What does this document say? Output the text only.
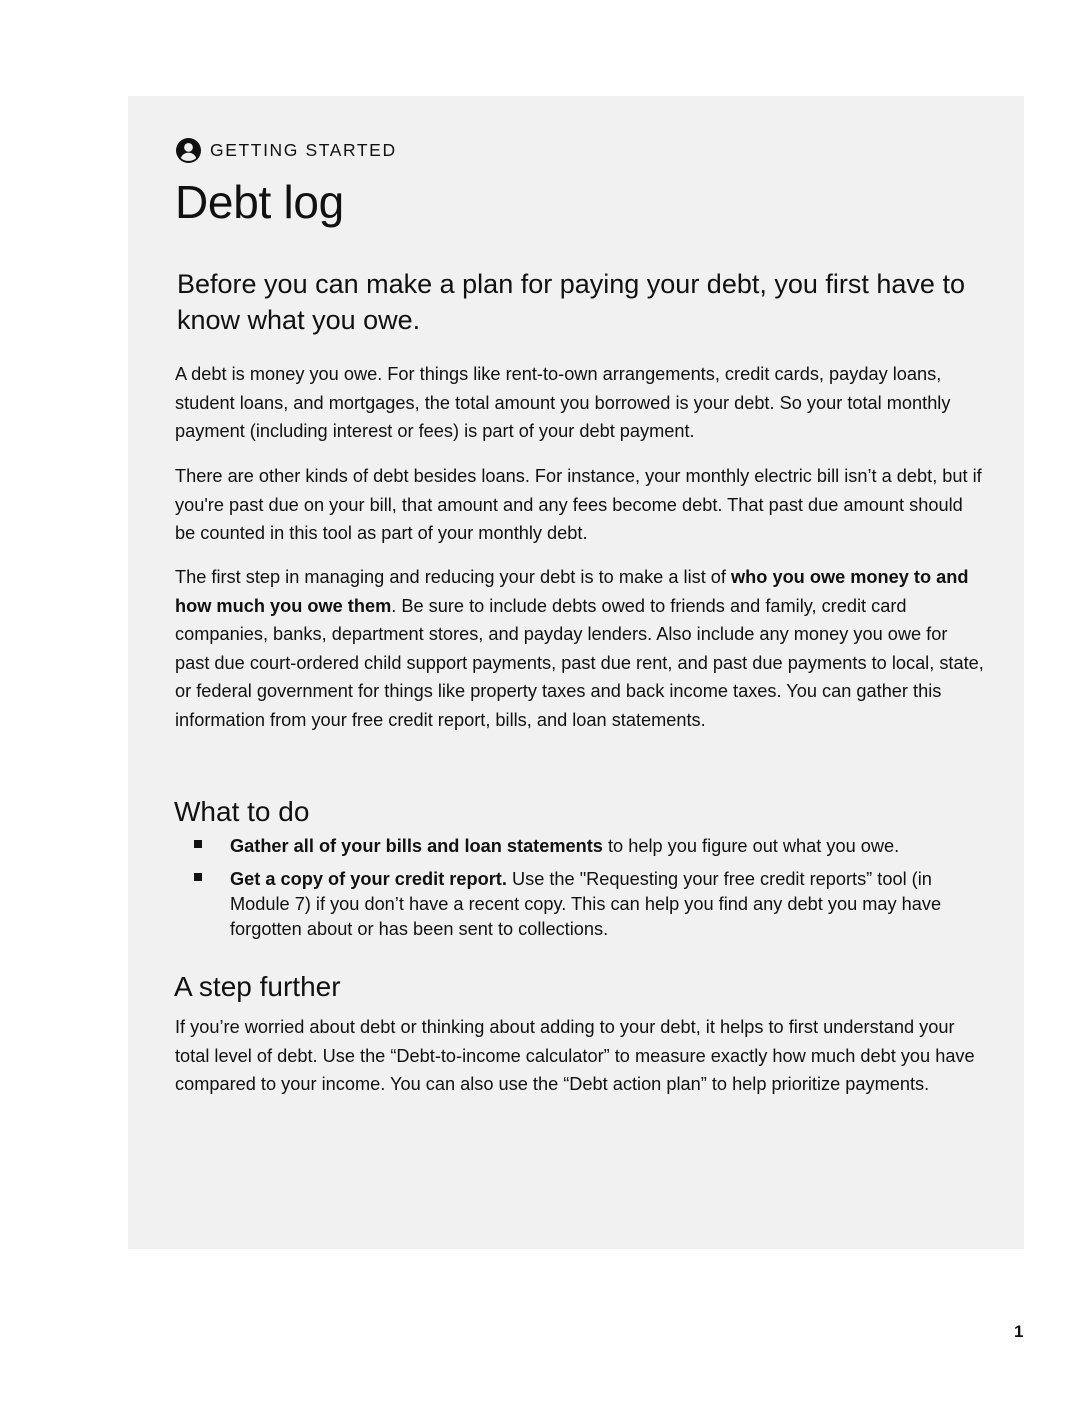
GETTING STARTED
Debt log

Before you can make a plan for paying your debt, you first have to know what you owe.

A debt is money you owe. For things like rent-to-own arrangements, credit cards, payday loans, student loans, and mortgages, the total amount you borrowed is your debt. So your total monthly payment (including interest or fees) is part of your debt payment.

There are other kinds of debt besides loans. For instance, your monthly electric bill isn’t a debt, but if you're past due on your bill, that amount and any fees become debt. That past due amount should be counted in this tool as part of your monthly debt.

The first step in managing and reducing your debt is to make a list of who you owe money to and how much you owe them. Be sure to include debts owed to friends and family, credit card companies, banks, department stores, and payday lenders. Also include any money you owe for past due court-ordered child support payments, past due rent, and past due payments to local, state, or federal government for things like property taxes and back income taxes. You can gather this information from your free credit report, bills, and loan statements.

What to do
Gather all of your bills and loan statements to help you figure out what you owe.
Get a copy of your credit report. Use the "Requesting your free credit reports” tool (in Module 7) if you don’t have a recent copy. This can help you find any debt you may have forgotten about or has been sent to collections.
A step further

If you’re worried about debt or thinking about adding to your debt, it helps to first understand your total level of debt. Use the “Debt-to-income calculator” to measure exactly how much debt you have compared to your income. You can also use the “Debt action plan” to help prioritize payments.

1
